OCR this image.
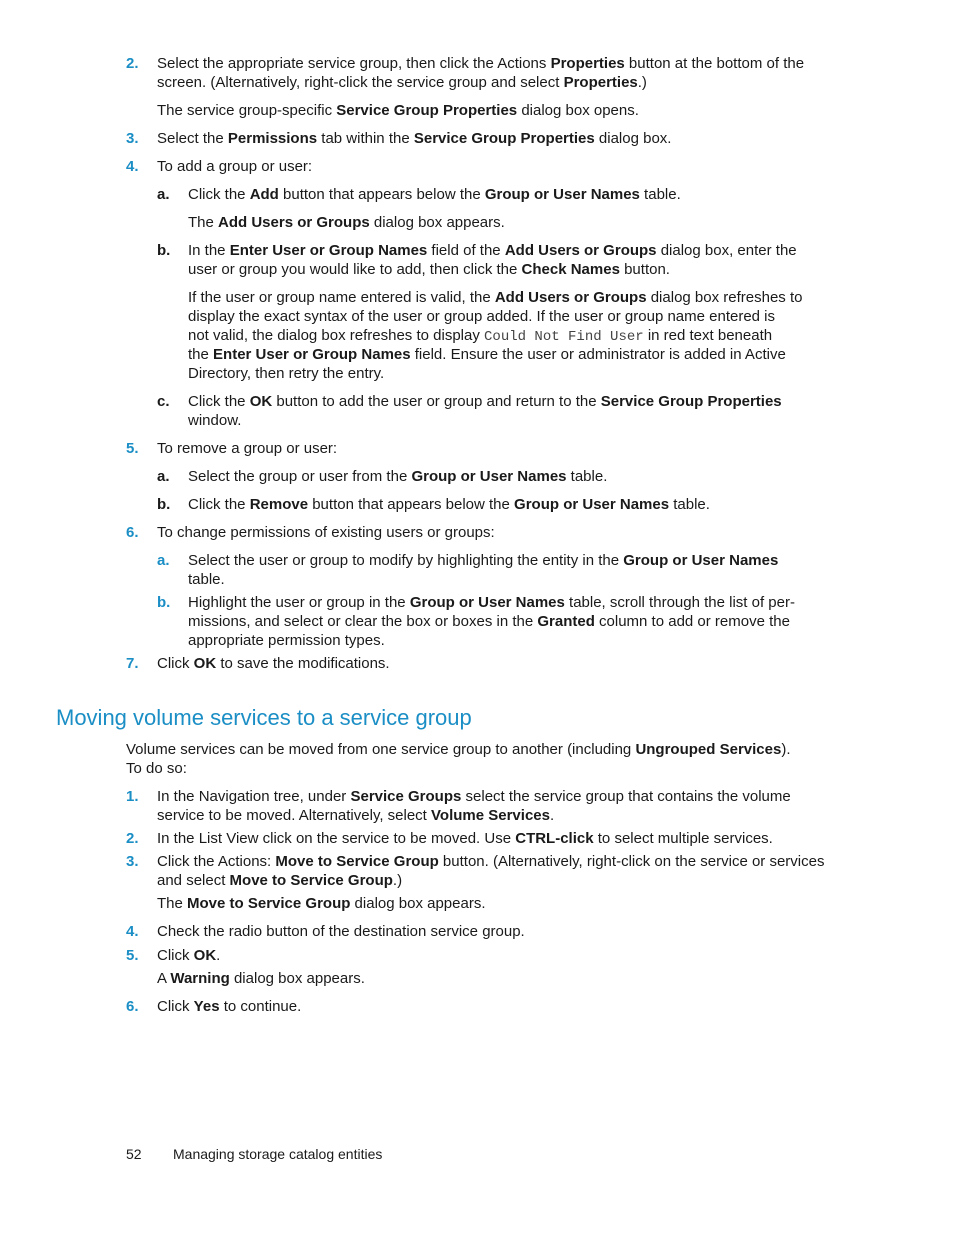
2. Select the appropriate service group, then click the Actions Properties button at the bottom of the
screen. (Alternatively, right-click the service group and select Properties.)
The service group-specific Service Group Properties dialog box opens.
3. Select the Permissions tab within the Service Group Properties dialog box.
4. To add a group or user:
a. Click the Add button that appears below the Group or User Names table.
The Add Users or Groups dialog box appears.
b. In the Enter User or Group Names field of the Add Users or Groups dialog box, enter the
user or group you would like to add, then click the Check Names button.
If the user or group name entered is valid, the Add Users or Groups dialog box refreshes to
display the exact syntax of the user or group added. If the user or group name entered is
not valid, the dialog box refreshes to display Could Not Find User in red text beneath
the Enter User or Group Names field. Ensure the user or administrator is added in Active
Directory, then retry the entry.
c. Click the OK button to add the user or group and return to the Service Group Properties
window.
5. To remove a group or user:
a. Select the group or user from the Group or User Names table.
b. Click the Remove button that appears below the Group or User Names table.
6. To change permissions of existing users or groups:
a. Select the user or group to modify by highlighting the entity in the Group or User Names
table.
b. Highlight the user or group in the Group or User Names table, scroll through the list of per-
missions, and select or clear the box or boxes in the Granted column to add or remove the
appropriate permission types.
7. Click OK to save the modifications.
Moving volume services to a service group
Volume services can be moved from one service group to another (including Ungrouped Services).
To do so:
1. In the Navigation tree, under Service Groups select the service group that contains the volume
service to be moved. Alternatively, select Volume Services.
2. In the List View click on the service to be moved. Use CTRL-click to select multiple services.
3. Click the Actions: Move to Service Group button. (Alternatively, right-click on the service or services
and select Move to Service Group.)
The Move to Service Group dialog box appears.
4. Check the radio button of the destination service group.
5. Click OK.
A Warning dialog box appears.
6. Click Yes to continue.
52 Managing storage catalog entities
